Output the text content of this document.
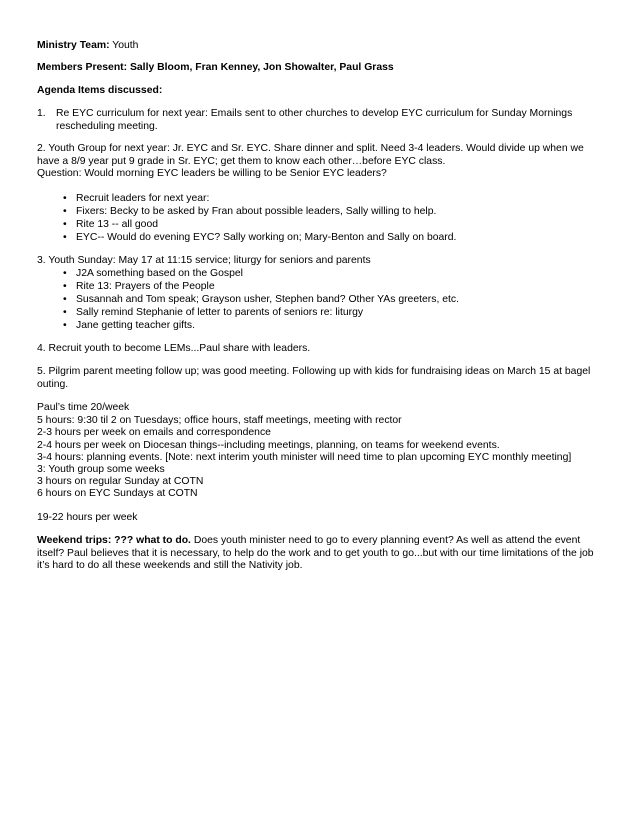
Ministry Team: Youth
Members Present: Sally Bloom, Fran Kenney, Jon Showalter, Paul Grass
Agenda Items discussed:
1. Re EYC curriculum for next year: Emails sent to other churches to develop EYC curriculum for Sunday Mornings
rescheduling meeting.
2. Youth Group for next year: Jr. EYC and Sr. EYC. Share dinner and split. Need 3-4 leaders. Would divide up when we
have a 8/9 year put 9 grade in Sr. EYC; get them to know each other…before EYC class.
Question: Would morning EYC leaders be willing to be Senior EYC leaders?
• Recruit leaders for next year:
• Fixers: Becky to be asked by Fran about possible leaders, Sally willing to help.
• Rite 13 -- all good
• EYC-- Would do evening EYC? Sally working on; Mary-Benton and Sally on board.
3. Youth Sunday: May 17 at 11:15 service; liturgy for seniors and parents
• J2A something based on the Gospel
• Rite 13: Prayers of the People
• Susannah and Tom speak; Grayson usher, Stephen band? Other YAs greeters, etc.
• Sally remind Stephanie of letter to parents of seniors re: liturgy
• Jane getting teacher gifts.
4. Recruit youth to become LEMs...Paul share with leaders.
5. Pilgrim parent meeting follow up; was good meeting. Following up with kids for fundraising ideas on March 15 at bagel
outing.
Paul’s time 20/week
5 hours: 9:30 til 2 on Tuesdays; office hours, staff meetings, meeting with rector
2-3 hours per week on emails and correspondence
2-4 hours per week on Diocesan things--including meetings, planning, on teams for weekend events.
3-4 hours: planning events. [Note: next interim youth minister will need time to plan upcoming EYC monthly meeting]
3: Youth group some weeks
3 hours on regular Sunday at COTN
6 hours on EYC Sundays at COTN
19-22 hours per week
Weekend trips: ??? what to do. Does youth minister need to go to every planning event? As well as attend the event
itself? Paul believes that it is necessary, to help do the work and to get youth to go...but with our time limitations of the job
it’s hard to do all these weekends and still the Nativity job.
